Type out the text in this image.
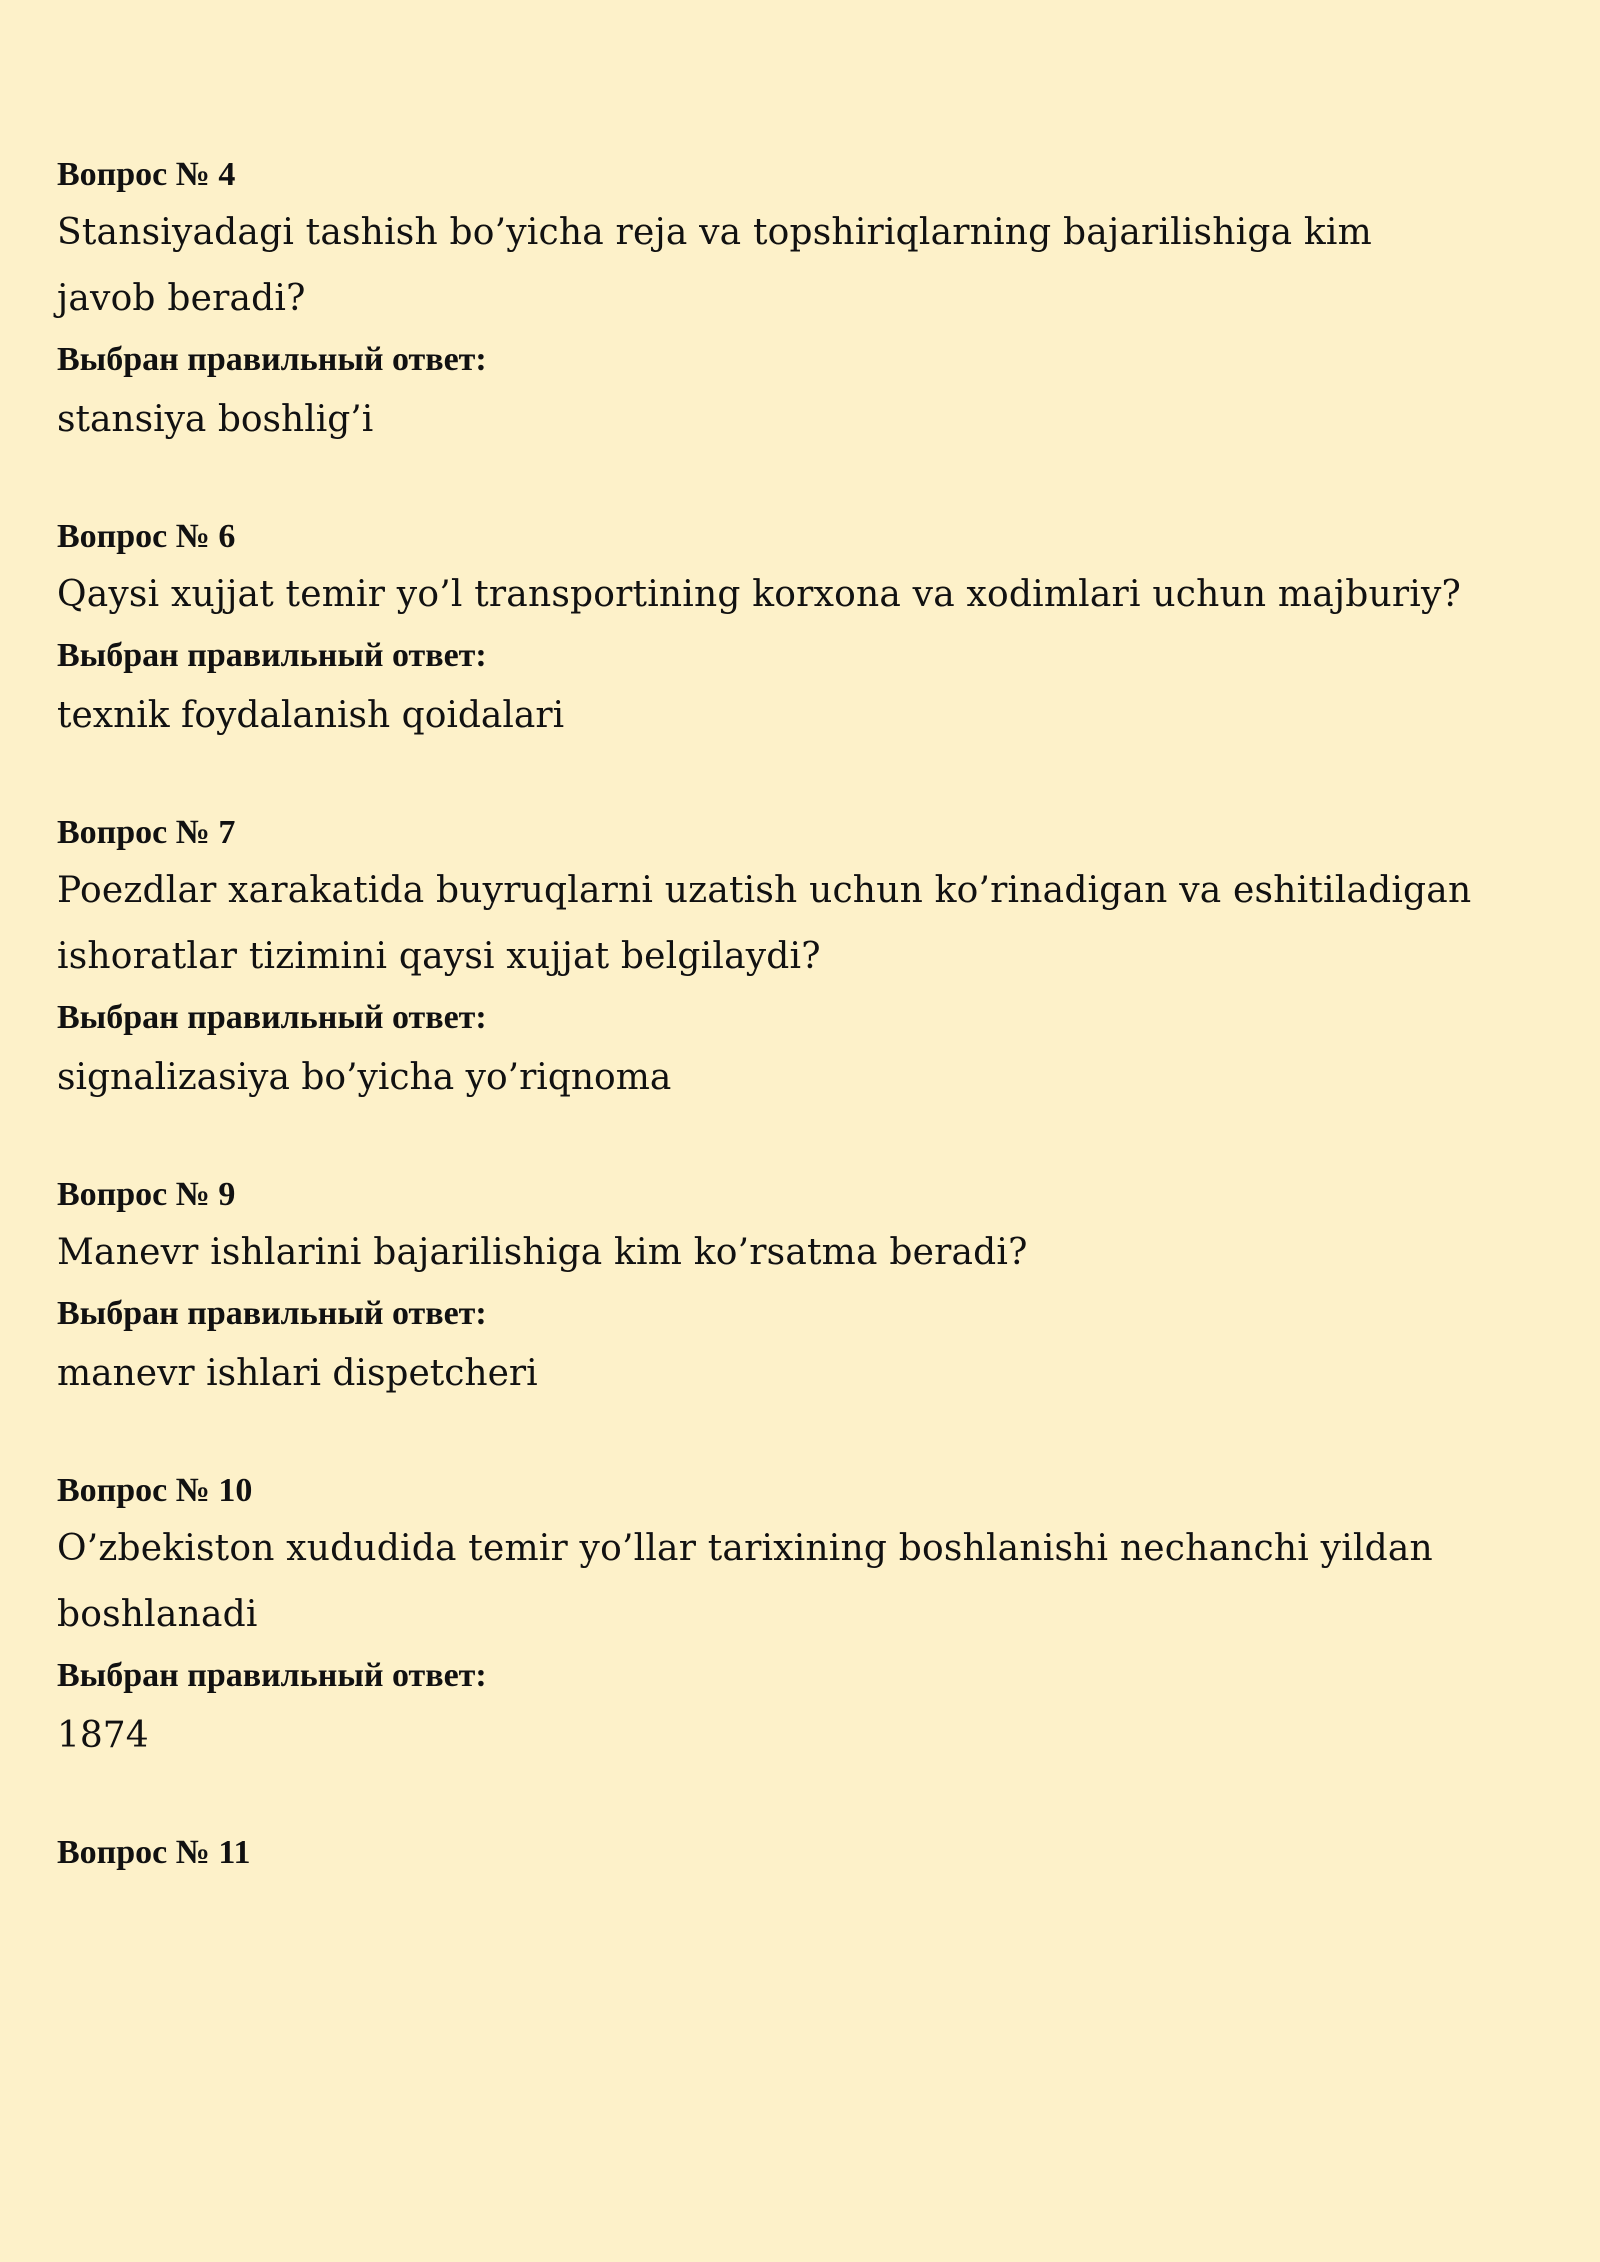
Вопрос № 4

Stansiyadagi tashish bo’yicha reja va topshiriqlarning bajarilishiga kim javob beradi?

Выбран правильный ответ:

stansiya boshlig’i

Вопрос № 6

Qaysi xujjat temir yo’l transportining korxona va xodimlari uchun majburiy?

Выбран правильный ответ:

texnik foydalanish qoidalari

Вопрос № 7

Poezdlar xarakatida buyruqlarni uzatish uchun ko’rinadigan va eshitiladigan ishoratlar tizimini qaysi xujjat belgilaydi?

Выбран правильный ответ:

signalizasiya bo’yicha yo’riqnoma

Вопрос № 9

Manevr ishlarini bajarilishiga kim ko’rsatma beradi?

Выбран правильный ответ:

manevr ishlari dispetcheri

Вопрос № 10

O’zbekiston xududida temir yo’llar tarixining boshlanishi nechanchi yildan boshlanadi

Выбран правильный ответ:

1874

Вопрос № 11
